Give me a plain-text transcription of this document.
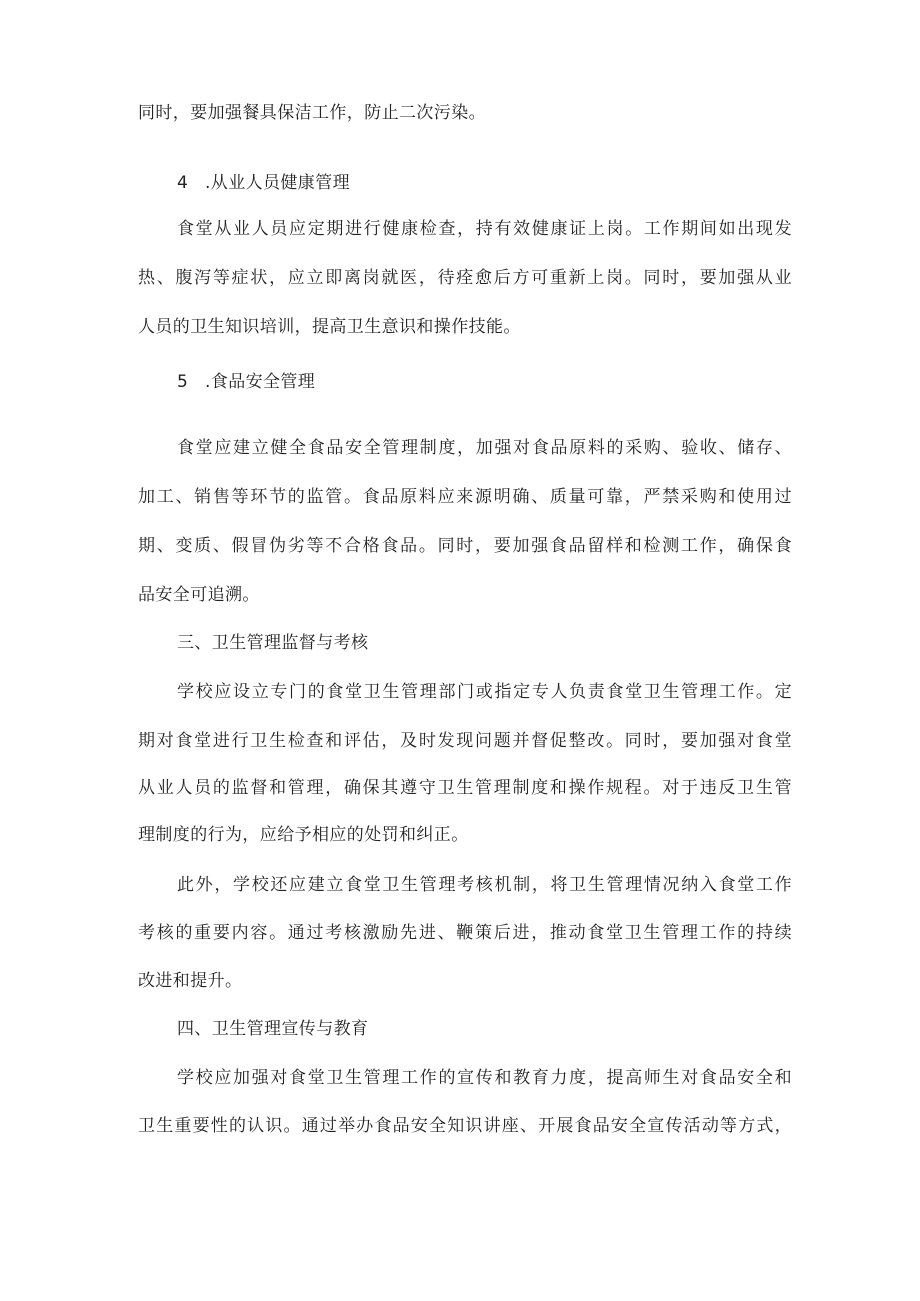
同时，要加强餐具保洁工作，防止二次污染。
4 .从业人员健康管理
食堂从业人员应定期进行健康检查，持有效健康证上岗。工作期间如出现发
热、腹泻等症状，应立即离岗就医，待痊愈后方可重新上岗。同时，要加强从业
人员的卫生知识培训，提高卫生意识和操作技能。
5 .食品安全管理
食堂应建立健全食品安全管理制度，加强对食品原料的采购、验收、储存、
加工、销售等环节的监管。食品原料应来源明确、质量可靠，严禁采购和使用过
期、变质、假冒伪劣等不合格食品。同时，要加强食品留样和检测工作，确保食
品安全可追溯。
三、卫生管理监督与考核
学校应设立专门的食堂卫生管理部门或指定专人负责食堂卫生管理工作。定
期对食堂进行卫生检查和评估，及时发现问题并督促整改。同时，要加强对食堂
从业人员的监督和管理，确保其遵守卫生管理制度和操作规程。对于违反卫生管
理制度的行为，应给予相应的处罚和纠正。
此外，学校还应建立食堂卫生管理考核机制，将卫生管理情况纳入食堂工作
考核的重要内容。通过考核激励先进、鞭策后进，推动食堂卫生管理工作的持续
改进和提升。
四、卫生管理宣传与教育
学校应加强对食堂卫生管理工作的宣传和教育力度，提高师生对食品安全和
卫生重要性的认识。通过举办食品安全知识讲座、开展食品安全宣传活动等方式，
